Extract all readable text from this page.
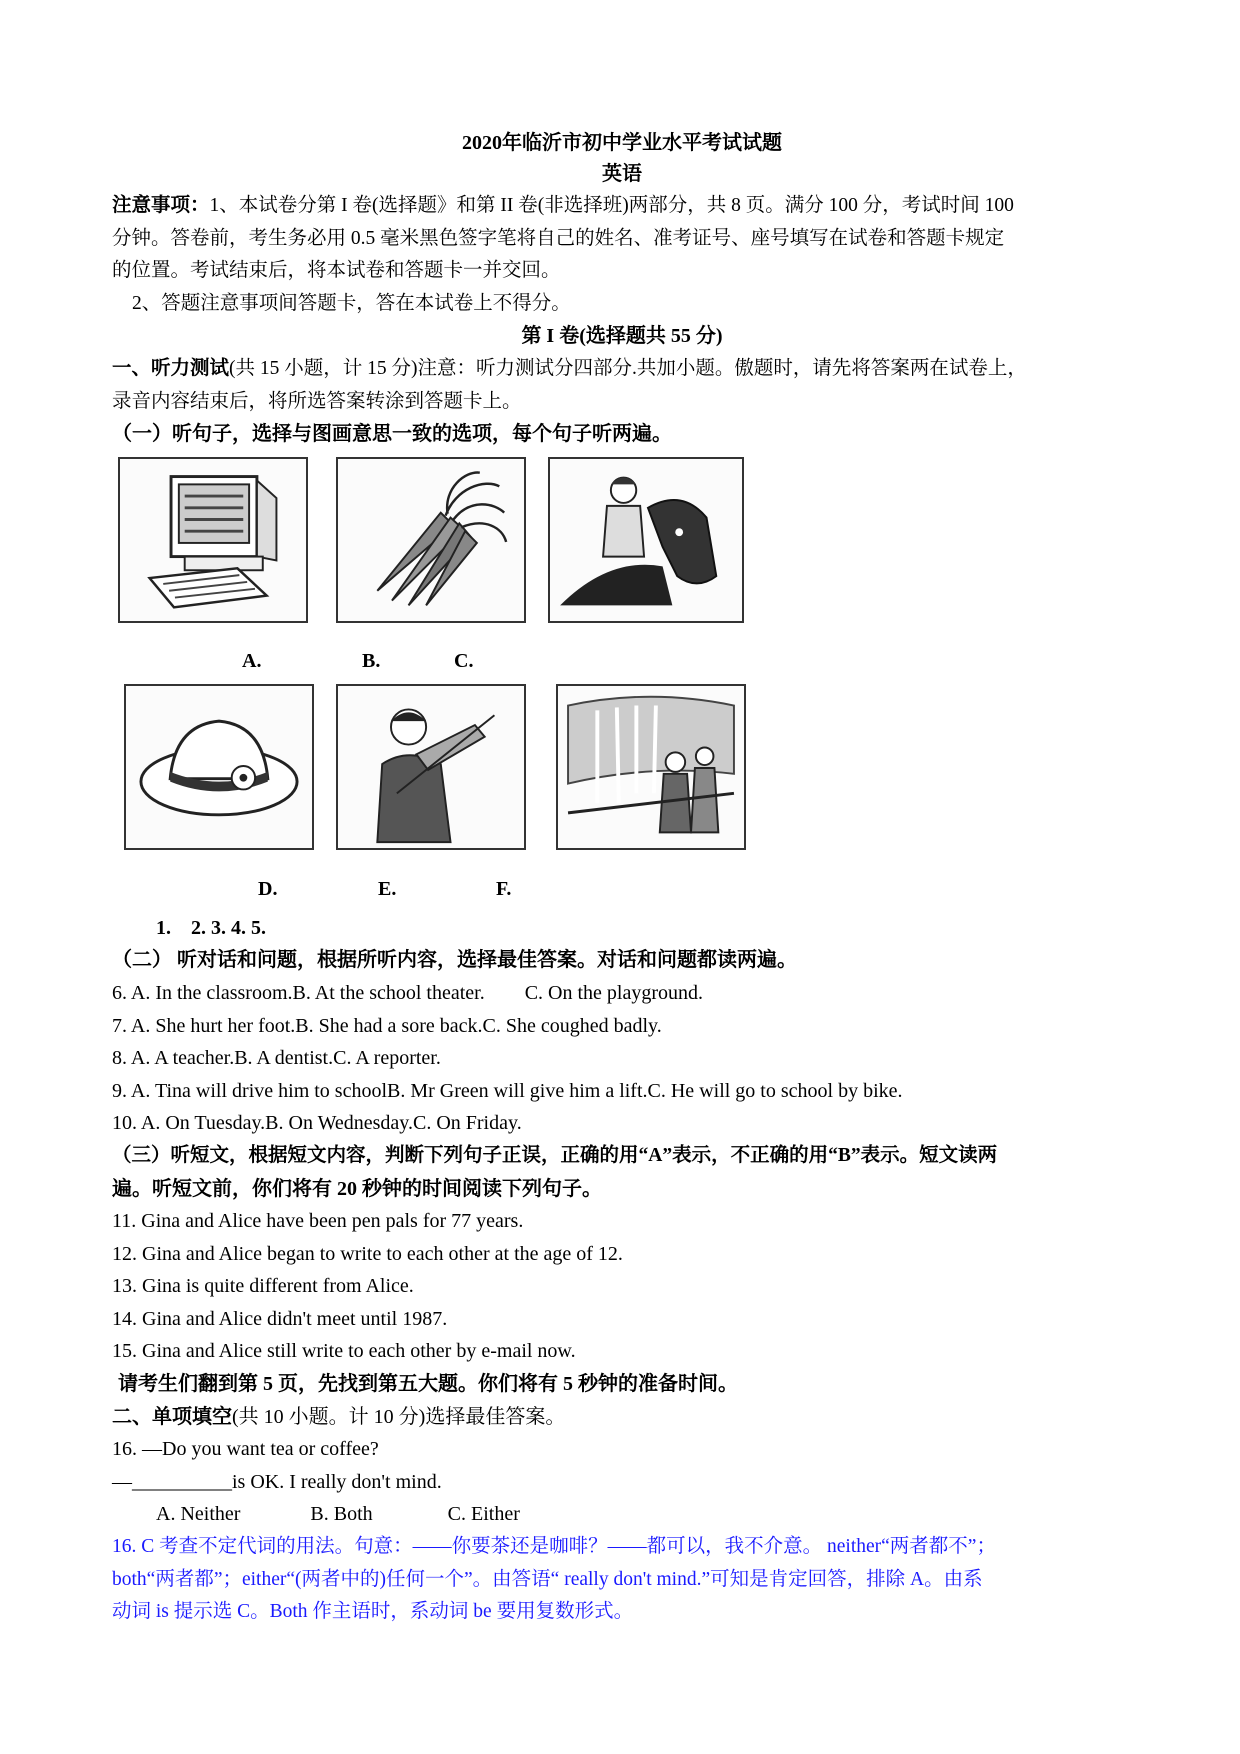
2020年临沂市初中学业水平考试试题
英语
注意事项：1、本试卷分第 I 卷(选择题》和第 II 卷(非选择班)两部分，共 8 页。满分 100 分，考试时间 100
分钟。答卷前，考生务必用 0.5 毫米黑色签字笔将自己的姓名、准考证号、座号填写在试卷和答题卡规定
的位置。考试结束后，将本试卷和答题卡一并交回。
2、答题注意事项间答题卡，答在本试卷上不得分。
第 I 卷(选择题共 55 分)
一、听力测试(共 15 小题，计 15 分)注意：听力测试分四部分.共加小题。傲题时，请先将答案两在试卷上，
录音内容结束后，将所选答案转涂到答题卡上。
（一）听句子，选择与图画意思一致的选项，每个句子听两遍。
A.	B.	C.
D.	E.	F.
1.    2. 3. 4. 5.
（二） 听对话和问题，根据所听内容，选择最佳答案。对话和问题都读两遍。
6. A. In the classroom.B. At the school theater.        C. On the playground.
7. A. She hurt her foot.B. She had a sore back.C. She coughed badly.
8. A. A teacher.B. A dentist.C. A reporter.
9. A. Tina will drive him to schoolB. Mr Green will give him a lift.C. He will go to school by bike.
10. A. On Tuesday.B. On Wednesday.C. On Friday.
（三）听短文，根据短文内容，判断下列句子正误，正确的用“A”表示，不正确的用“B”表示。短文读两
遍。听短文前，你们将有 20 秒钟的时间阅读下列句子。
11. Gina and Alice have been pen pals for 77 years.
12. Gina and Alice began to write to each other at the age of 12.
13. Gina is quite different from Alice.
14. Gina and Alice didn't meet until 1987.
15. Gina and Alice still write to each other by e-mail now.
请考生们翻到第 5 页，先找到第五大题。你们将有 5 秒钟的准备时间。
二、单项填空(共 10 小题。计 10 分)选择最佳答案。
16. —Do you want tea or coffee?
—__________is OK. I really don't mind.
A. Neither              B. Both               C. Either
16. C 考查不定代词的用法。句意：——你要茶还是咖啡？——都可以，我不介意。 neither“两者都不”；
both“两者都”；either“(两者中的)任何一个”。由答语“ really don't mind.”可知是肯定回答，排除 A。由系
动词 is 提示选 C。Both 作主语时，系动词 be 要用复数形式。
